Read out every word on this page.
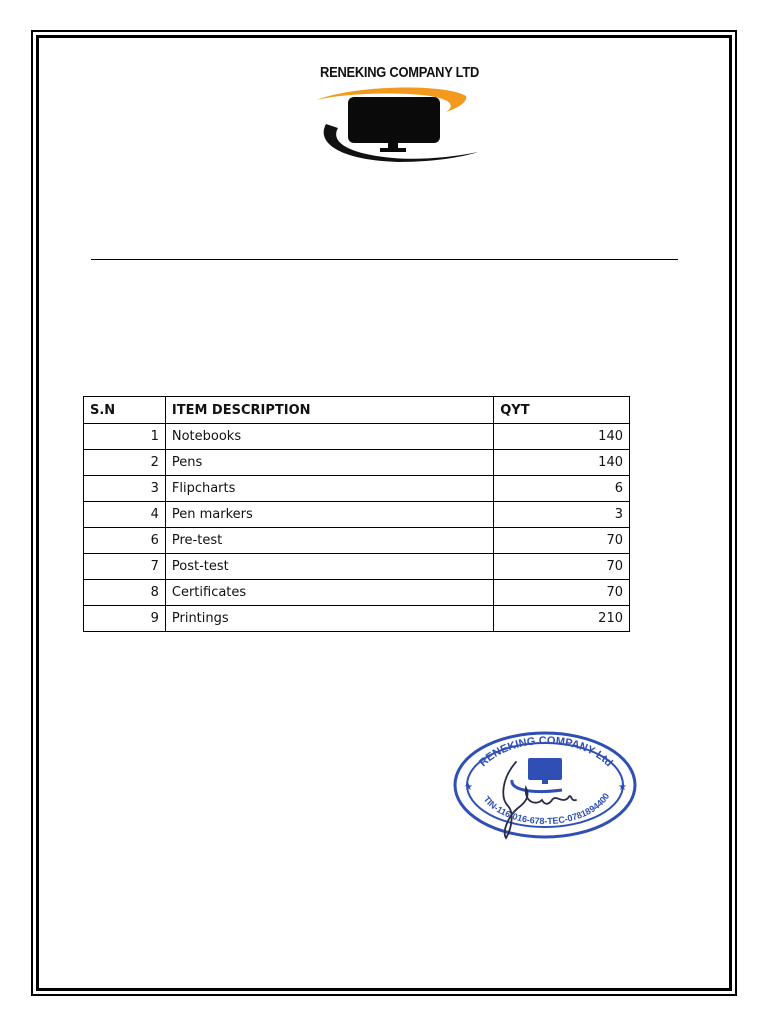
RENEKING COMPANY LTD
S.N	ITEM DESCRIPTION	QYT
1	Notebooks	140
2	Pens	140
3	Flipcharts	6
4	Pen markers	3
6	Pre-test	70
7	Post-test	70
8	Certificates	70
9	Printings	210
RENEKING COMPANY Ltd
TIN-116-016-678-TEC-0781894400
★	★
